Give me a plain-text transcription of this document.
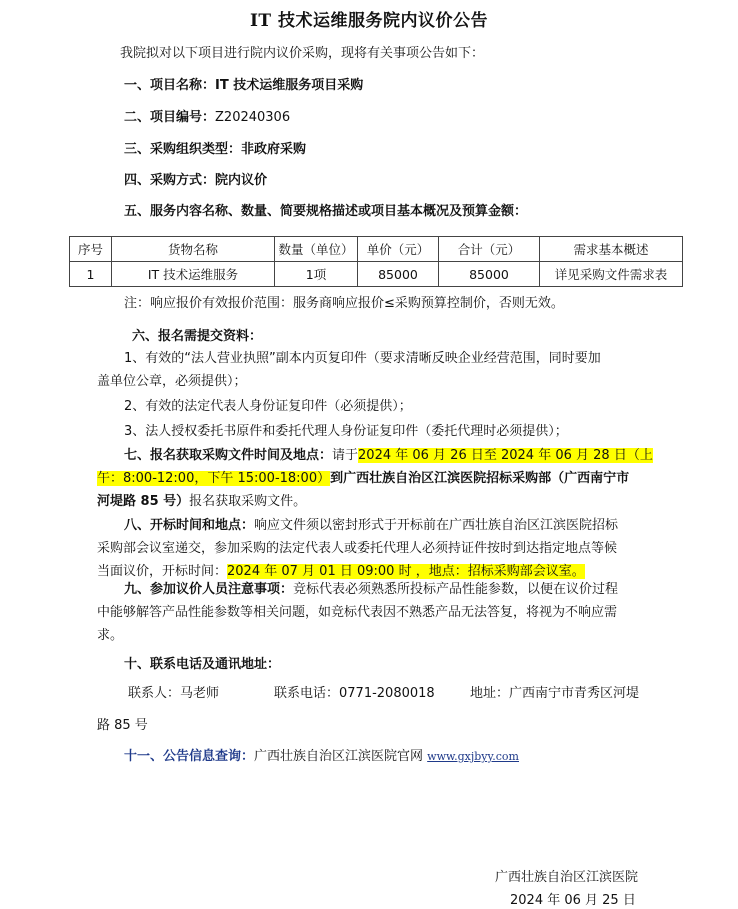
IT 技术运维服务院内议价公告
我院拟对以下项目进行院内议价采购，现将有关事项公告如下：
一、项目名称：IT 技术运维服务项目采购
二、项目编号：Z20240306
三、采购组织类型：非政府采购
四、采购方式：院内议价
五、服务内容名称、数量、简要规格描述或项目基本概况及预算金额：
序号	货物名称	数量（单位）	单价（元）	合计（元）	需求基本概述
1	IT 技术运维服务	1项	85000	85000	详见采购文件需求表
注：响应报价有效报价范围：服务商响应报价≤采购预算控制价，否则无效。
六、报名需提交资料：
1、有效的“法人营业执照”副本内页复印件（要求清晰反映企业经营范围，同时要加
盖单位公章，必须提供）；
2、有效的法定代表人身份证复印件（必须提供）；
3、法人授权委托书原件和委托代理人身份证复印件（委托代理时必须提供）；
七、报名获取采购文件时间及地点：请于2024 年 06 月 26 日至 2024 年 06 月 28 日（上
午：8:00-12:00，下午 15:00-18:00）到广西壮族自治区江滨医院招标采购部（广西南宁市
河堤路 85 号）报名获取采购文件。
八、开标时间和地点：响应文件须以密封形式于开标前在广西壮族自治区江滨医院招标
采购部会议室递交，参加采购的法定代表人或委托代理人必须持证件按时到达指定地点等候
当面议价，开标时间：2024 年 07 月 01 日 09:00 时 ，地点：招标采购部会议室。
九、参加议价人员注意事项：竞标代表必须熟悉所投标产品性能参数，以便在议价过程
中能够解答产品性能参数等相关问题，如竞标代表因不熟悉产品无法答复，将视为不响应需
求。
十、联系电话及通讯地址：
联系人：马老师	联系电话：0771-2080018	地址：广西南宁市青秀区河堤
路 85 号
十一、公告信息查询：广西壮族自治区江滨医院官网 www.gxjbyy.com
广西壮族自治区江滨医院
2024 年 06 月 25 日
